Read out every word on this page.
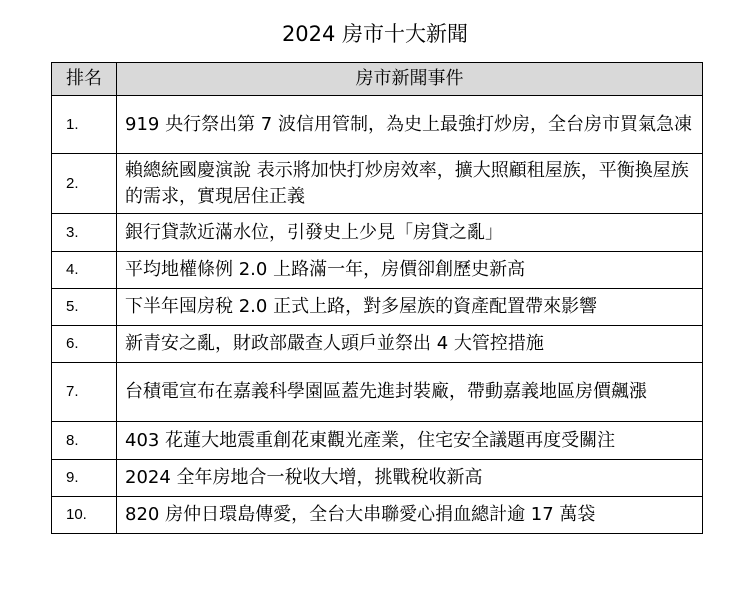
2024 房市十大新聞
排名	房市新聞事件
1.	919 央行祭出第 7 波信用管制，為史上最強打炒房，全台房市買氣急凍
2.	賴總統國慶演說 表示將加快打炒房效率，擴大照顧租屋族，平衡換屋族的需求，實現居住正義
3.	銀行貸款近滿水位，引發史上少見「房貸之亂」
4.	平均地權條例 2.0 上路滿一年，房價卻創歷史新高
5.	下半年囤房稅 2.0 正式上路，對多屋族的資產配置帶來影響
6.	新青安之亂，財政部嚴查人頭戶並祭出 4 大管控措施
7.	台積電宣布在嘉義科學園區蓋先進封裝廠，帶動嘉義地區房價飆漲
8.	403 花蓮大地震重創花東觀光產業，住宅安全議題再度受關注
9.	2024 全年房地合一稅收大增，挑戰稅收新高
10.	820 房仲日環島傳愛，全台大串聯愛心捐血總計逾 17 萬袋
